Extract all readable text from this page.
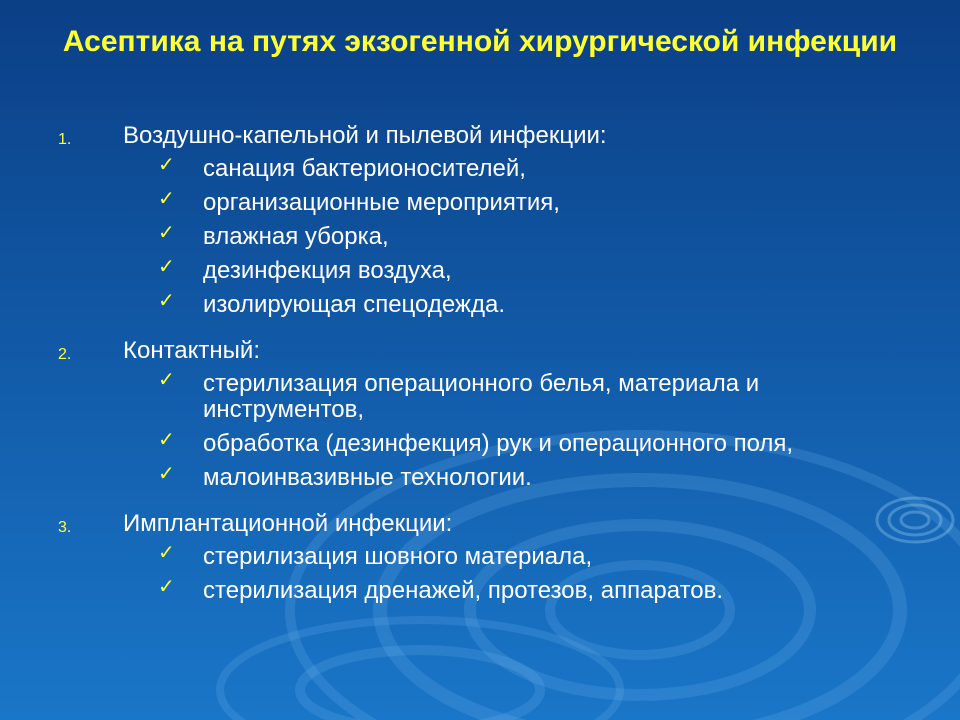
Асептика на путях экзогенной хирургической инфекции
1. Воздушно-капельной и пылевой инфекции:
✓ санация бактерионосителей,
✓ организационные мероприятия,
✓ влажная уборка,
✓ дезинфекция воздуха,
✓ изолирующая спецодежда.
2. Контактный:
✓ стерилизация операционного белья, материала и инструментов,
✓ обработка (дезинфекция) рук и операционного поля,
✓ малоинвазивные технологии.
3. Имплантационной инфекции:
✓ стерилизация шовного материала,
✓ стерилизация дренажей, протезов, аппаратов.
